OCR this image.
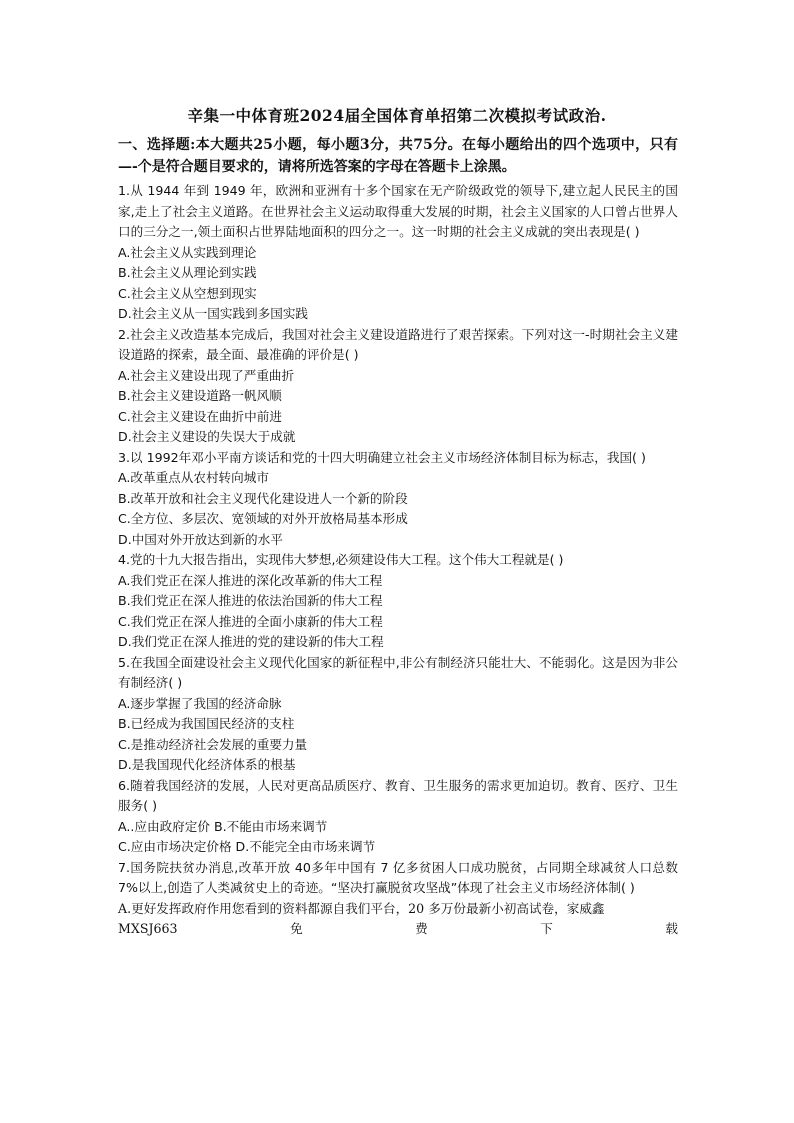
辛集一中体育班2024届全国体育单招第二次模拟考试政治.
一、选择题:本大题共25小题，每小题3分，共75分。在每小题给出的四个选项中，只有—-个是符合题目要求的，请将所选答案的字母在答题卡上涂黑。
1.从 1944 年到 1949 年，欧洲和亚洲有十多个国家在无产阶级政党的领导下,建立起人民民主的国家,走上了社会主义道路。在世界社会主义运动取得重大发展的时期，社会主义国家的人口曾占世界人口的三分之一,领土面积占世界陆地面积的四分之一。这一时期的社会主义成就的突出表现是( )
A.社会主义从实践到理论
B.社会主义从理论到实践
C.社会主义从空想到现实
D.社会主义从一国实践到多国实践
2.社会主义改造基本完成后，我国对社会主义建设道路进行了艰苦探索。下列对这一-时期社会主义建设道路的探索，最全面、最准确的评价是( )
A.社会主义建设出现了严重曲折
B.社会主义建设道路一帆风顺
C.社会主义建设在曲折中前进
D.社会主义建设的失误大于成就
3.以 1992年邓小平南方谈话和党的十四大明确建立社会主义市场经济体制目标为标志，我国( )
A.改革重点从农村转向城市
B.改革开放和社会主义现代化建设进人一个新的阶段
C.全方位、多层次、宽领域的对外开放格局基本形成
D.中国对外开放达到新的水平
4.党的十九大报告指出，实现伟大梦想,必须建设伟大工程。这个伟大工程就是( )
A.我们党正在深人推进的深化改革新的伟大工程
B.我们党正在深人推进的依法治国新的伟大工程
C.我们党正在深人推进的全面小康新的伟大工程
D.我们党正在深人推进的党的建设新的伟大工程
5.在我国全面建设社会主义现代化国家的新征程中,非公有制经济只能壮大、不能弱化。这是因为非公有制经济( )
A.逐步掌握了我国的经济命脉
B.已经成为我国国民经济的支柱
C.是推动经济社会发展的重要力量
D.是我国现代化经济体系的根基
6.随着我国经济的发展，人民对更高品质医疗、教育、卫生服务的需求更加迫切。教育、医疗、卫生服务( )
A..应由政府定价 B.不能由市场来调节
C.应由市场决定价格 D.不能完全由市场来调节
7.国务院扶贫办消息,改革开放 40多年中国有 7 亿多贫困人口成功脱贫，占同期全球减贫人口总数 7%以上,创造了人类减贫史上的奇迹。“坚决打赢脱贫攻坚战”体现了社会主义市场经济体制( )
A.更好发挥政府作用您看到的资料都源自我们平台，20 多万份最新小初高试卷，家威鑫
MXSJ663	免	费	下	载
